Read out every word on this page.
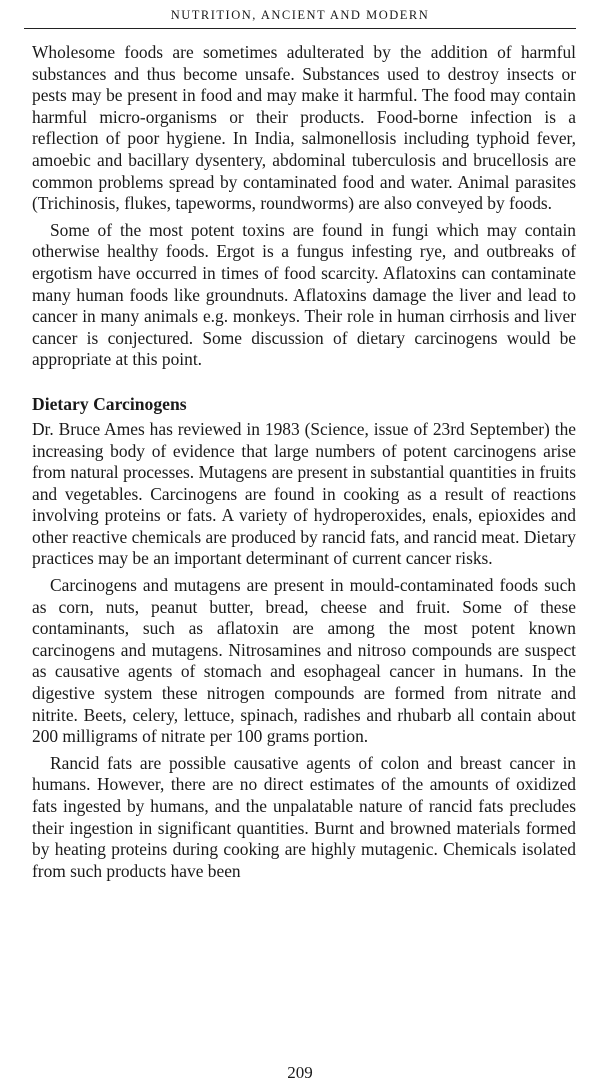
NUTRITION, ANCIENT AND MODERN

Wholesome foods are sometimes adulterated by the addition of harmful substances and thus become unsafe. Substances used to destroy insects or pests may be present in food and may make it harmful. The food may contain harmful micro-organisms or their products. Food-borne infection is a reflection of poor hygiene. In India, salmonellosis including typhoid fever, amoebic and bacillary dysentery, abdominal tuberculosis and brucellosis are common problems spread by contaminated food and water. Animal parasites (Trichinosis, flukes, tapeworms, roundworms) are also conveyed by foods.

Some of the most potent toxins are found in fungi which may contain otherwise healthy foods. Ergot is a fungus infesting rye, and outbreaks of ergotism have occurred in times of food scarcity. Aflatoxins can contaminate many human foods like groundnuts. Aflatoxins damage the liver and lead to cancer in many animals e.g. monkeys. Their role in human cirrhosis and liver cancer is conjectured. Some discussion of dietary carcinogens would be appropriate at this point.

Dietary Carcinogens

Dr. Bruce Ames has reviewed in 1983 (Science, issue of 23rd September) the increasing body of evidence that large numbers of potent carcinogens arise from natural processes. Mutagens are present in substantial quantities in fruits and vegetables. Carcinogens are found in cooking as a result of reactions involving proteins or fats. A variety of hydroperoxides, enals, epioxides and other reactive chemicals are produced by rancid fats, and rancid meat. Dietary practices may be an important determinant of current cancer risks.

Carcinogens and mutagens are present in mould-contaminated foods such as corn, nuts, peanut butter, bread, cheese and fruit. Some of these contaminants, such as aflatoxin are among the most potent known carcinogens and mutagens. Nitrosamines and nitroso compounds are suspect as causative agents of stomach and esophageal cancer in humans. In the digestive system these nitrogen compounds are formed from nitrate and nitrite. Beets, celery, lettuce, spinach, radishes and rhubarb all contain about 200 milligrams of nitrate per 100 grams portion.

Rancid fats are possible causative agents of colon and breast cancer in humans. However, there are no direct estimates of the amounts of oxidized fats ingested by humans, and the unpalatable nature of rancid fats precludes their ingestion in significant quantities. Burnt and browned materials formed by heating proteins during cooking are highly mutagenic. Chemicals isolated from such products have been

209
